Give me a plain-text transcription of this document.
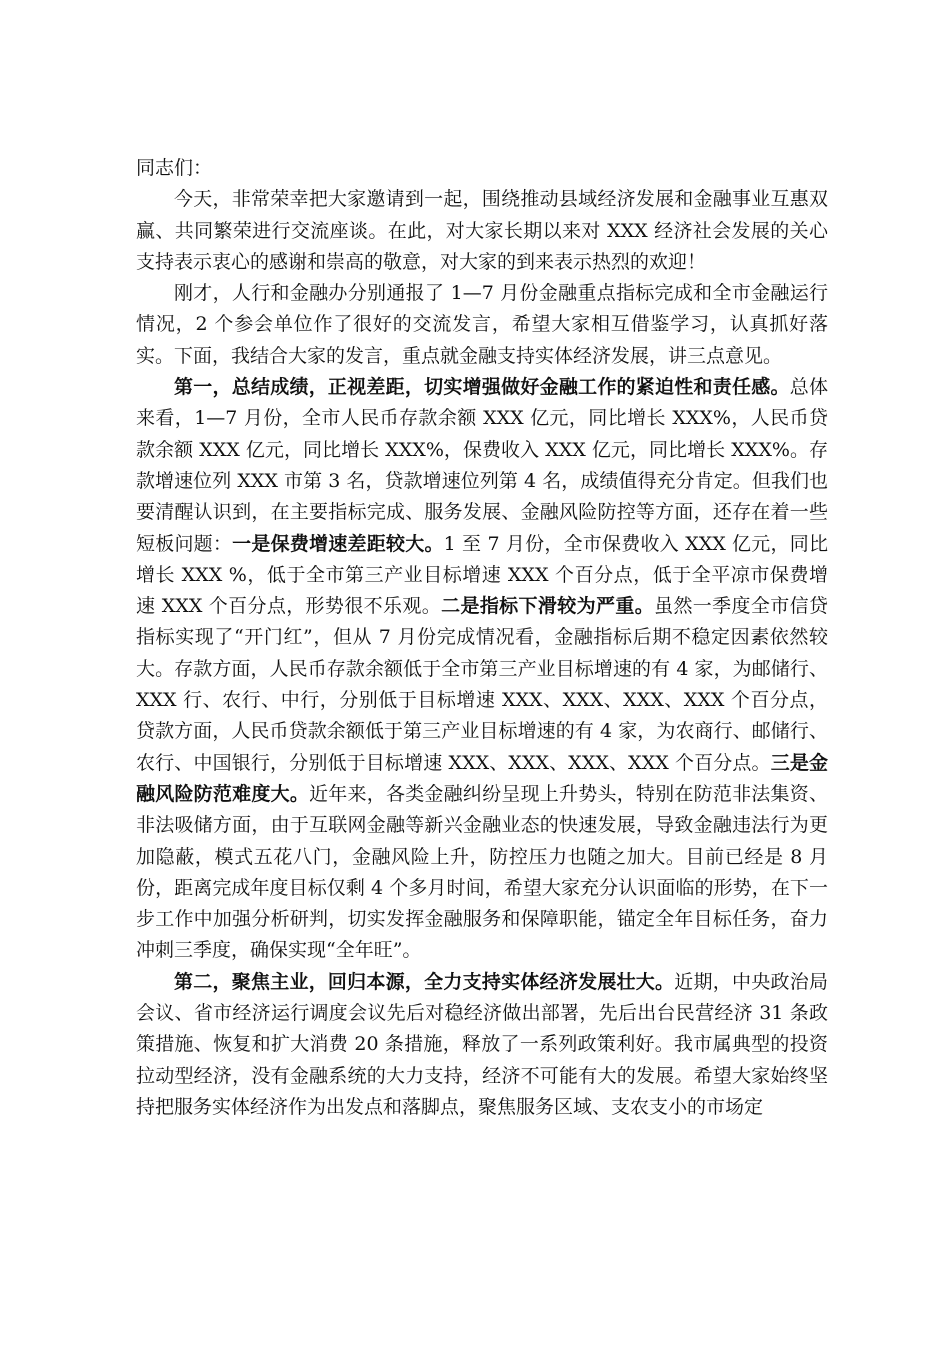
同志们：

今天，非常荣幸把大家邀请到一起，围绕推动县域经济发展和金融事业互惠双赢、共同繁荣进行交流座谈。在此，对大家长期以来对 XXX 经济社会发展的关心支持表示衷心的感谢和崇高的敬意，对大家的到来表示热烈的欢迎！

刚才，人行和金融办分别通报了 1—7 月份金融重点指标完成和全市金融运行情况，2 个参会单位作了很好的交流发言，希望大家相互借鉴学习，认真抓好落实。下面，我结合大家的发言，重点就金融支持实体经济发展，讲三点意见。

第一，总结成绩，正视差距，切实增强做好金融工作的紧迫性和责任感。总体来看，1—7 月份，全市人民币存款余额 XXX 亿元，同比增长 XXX%，人民币贷款余额 XXX 亿元，同比增长 XXX%，保费收入 XXX 亿元，同比增长 XXX%。存款增速位列 XXX 市第 3 名，贷款增速位列第 4 名，成绩值得充分肯定。但我们也要清醒认识到，在主要指标完成、服务发展、金融风险防控等方面，还存在着一些短板问题：一是保费增速差距较大。1 至 7 月份，全市保费收入 XXX 亿元，同比增长 XXX %，低于全市第三产业目标增速 XXX 个百分点，低于全平凉市保费增速 XXX 个百分点，形势很不乐观。二是指标下滑较为严重。虽然一季度全市信贷指标实现了“开门红”，但从 7 月份完成情况看，金融指标后期不稳定因素依然较大。存款方面，人民币存款余额低于全市第三产业目标增速的有 4 家，为邮储行、XXX 行、农行、中行，分别低于目标增速 XXX、XXX、XXX、XXX 个百分点，贷款方面，人民币贷款余额低于第三产业目标增速的有 4 家，为农商行、邮储行、农行、中国银行，分别低于目标增速 XXX、XXX、XXX、XXX 个百分点。三是金融风险防范难度大。近年来，各类金融纠纷呈现上升势头，特别在防范非法集资、非法吸储方面，由于互联网金融等新兴金融业态的快速发展，导致金融违法行为更加隐蔽，模式五花八门，金融风险上升，防控压力也随之加大。目前已经是 8 月份，距离完成年度目标仅剩 4 个多月时间，希望大家充分认识面临的形势，在下一步工作中加强分析研判，切实发挥金融服务和保障职能，锚定全年目标任务，奋力冲刺三季度，确保实现“全年旺”。

第二，聚焦主业，回归本源，全力支持实体经济发展壮大。近期，中央政治局会议、省市经济运行调度会议先后对稳经济做出部署，先后出台民营经济 31 条政策措施、恢复和扩大消费 20 条措施，释放了一系列政策利好。我市属典型的投资拉动型经济，没有金融系统的大力支持，经济不可能有大的发展。希望大家始终坚持把服务实体经济作为出发点和落脚点，聚焦服务区域、支农支小的市场定
